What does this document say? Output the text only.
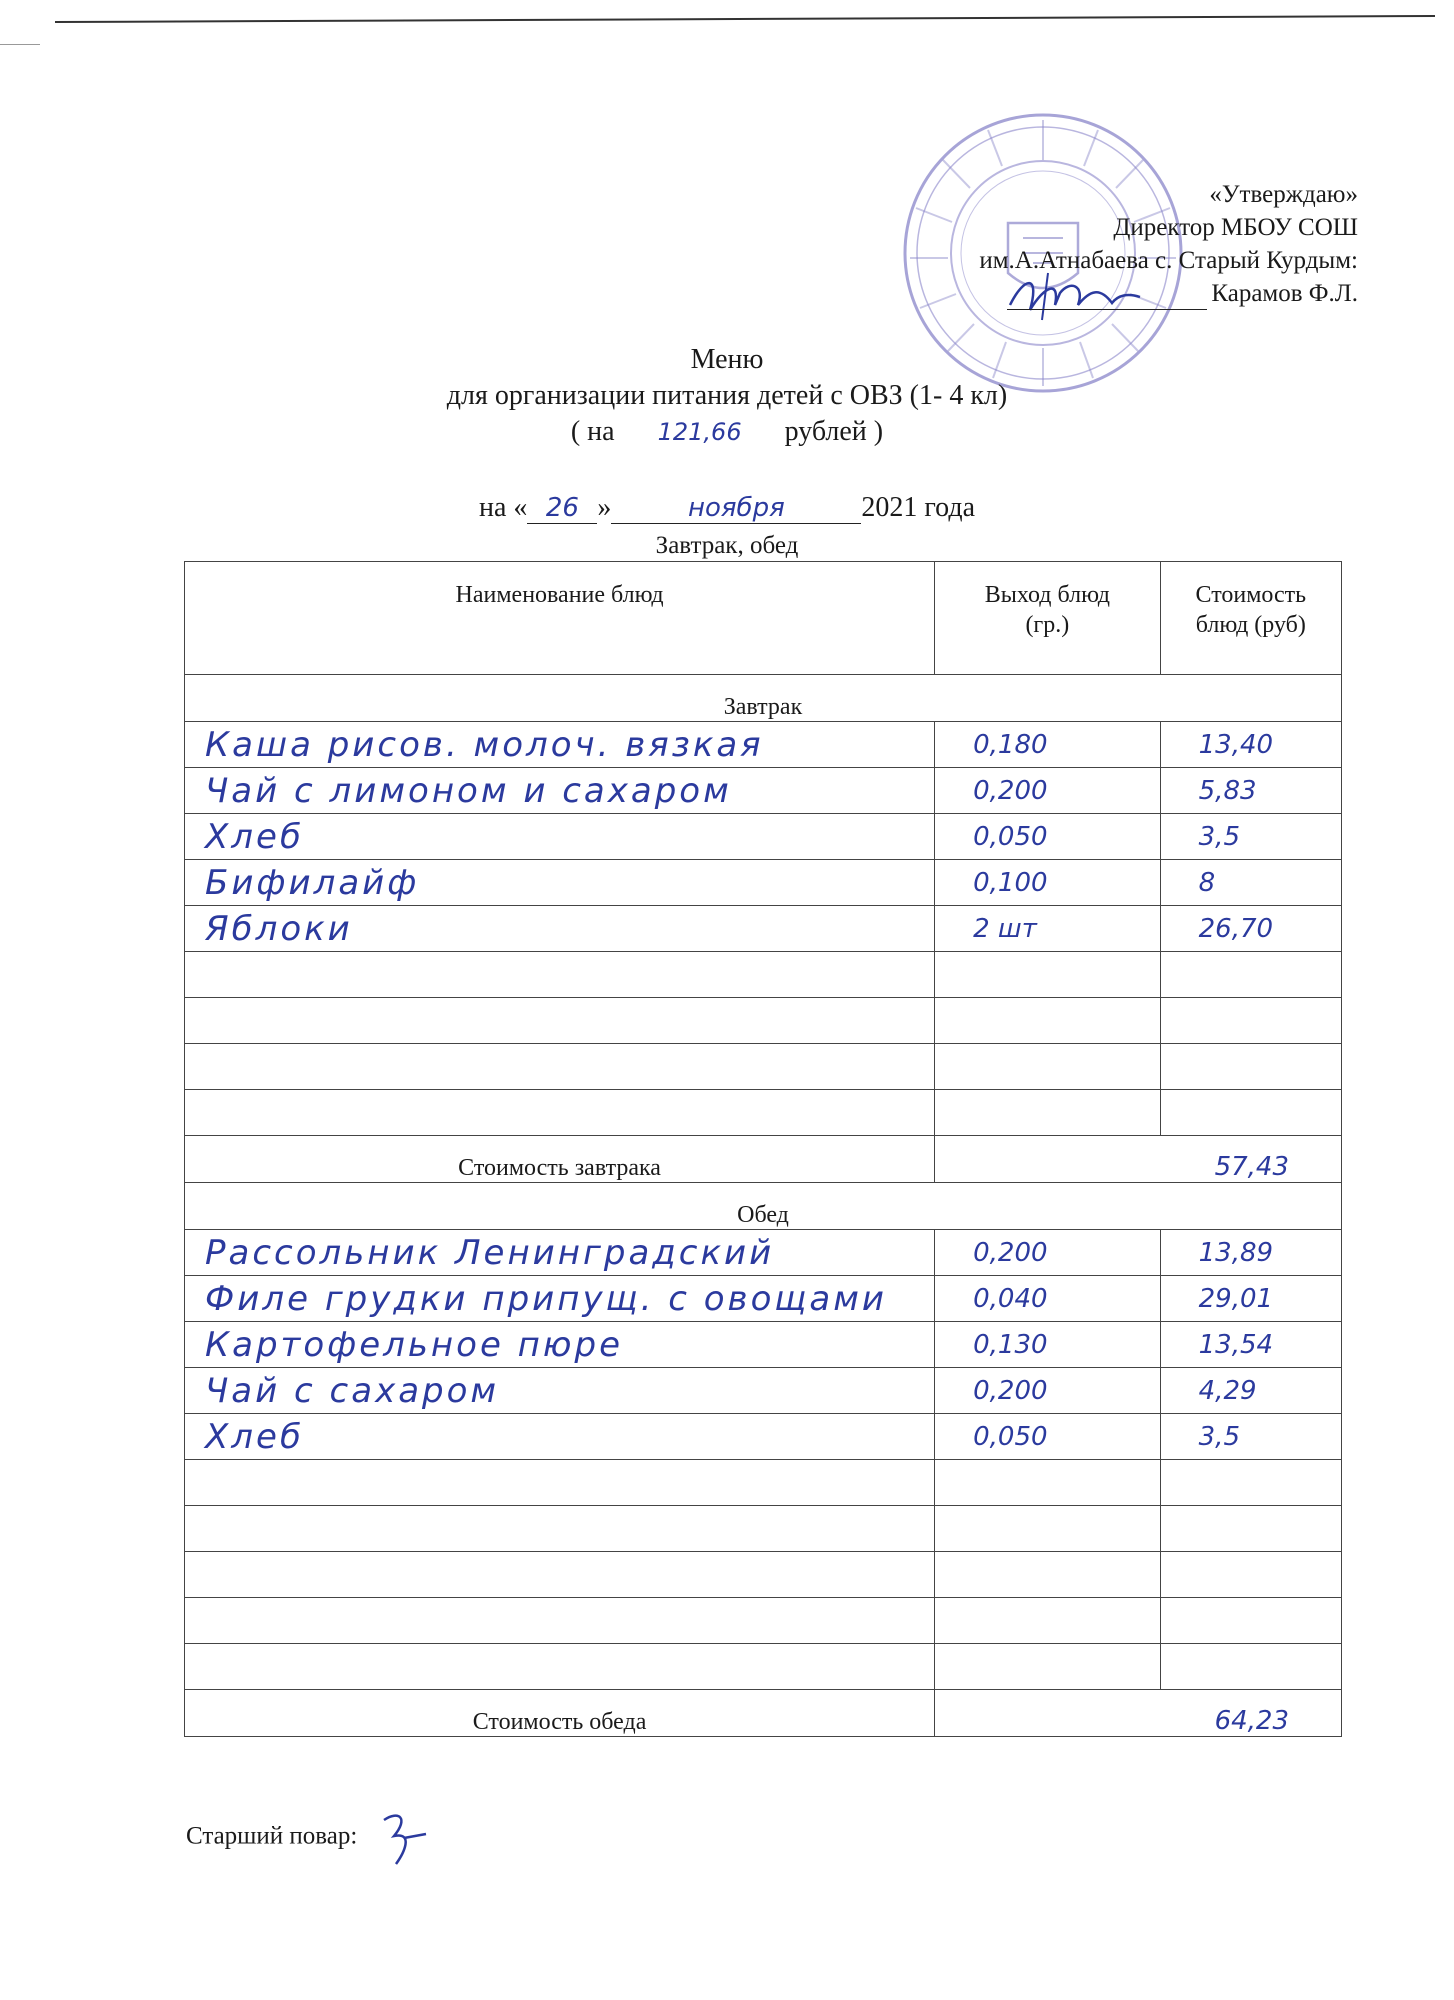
«Утверждаю»
Директор МБОУ СОШ
им.А.Атнабаева с. Старый Курдым:
Карамов Ф.Л.
Меню
для организации питания детей с ОВЗ (1- 4 кл)
( на 121,66 рублей )
на « 26 »	ноября	2021 года
Завтрак, обед
Наименование блюд	Выход блюд (гр.)	Стоимость блюд (руб)

Завтрак		
Каша рисов. молоч. вязкая	0,180	13,40
Чай с лимоном и сахаром	0,200	5,83
Хлеб	0,050	3,5
Бифилайф	0,100	8
Яблоки	2 шт	26,70

Стоимость завтрака	57,43	
Обед		
Рассольник Ленинградский	0,200	13,89
Филе грудки припущ. с овощами	0,040	29,01
Картофельное пюре	0,130	13,54
Чай с сахаром	0,200	4,29
Хлеб	0,050	3,5

Стоимость обеда	64,23	
Старший повар:
